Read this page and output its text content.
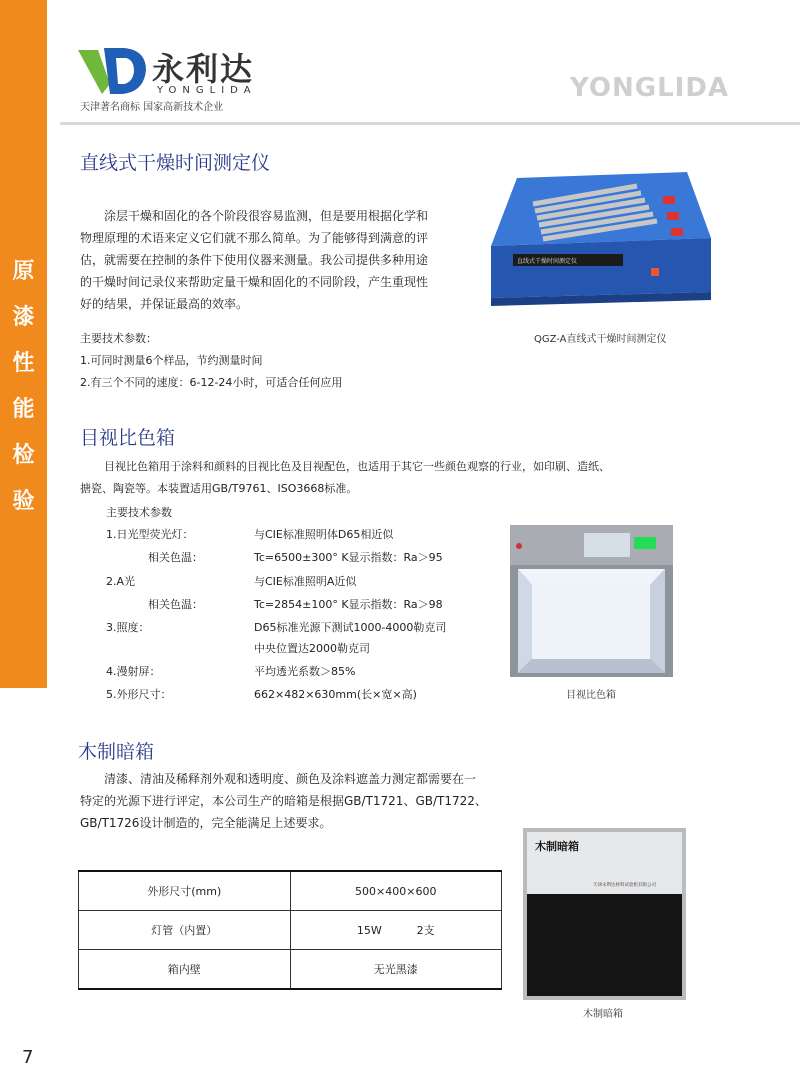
原
漆
性
能
检
验
永利达
YONGLIDA
天津著名商标 国家高新技术企业
YONGLIDA
直线式干燥时间测定仪
涂层干燥和固化的各个阶段很容易监测，但是要用根据化学和
物理原理的术语来定义它们就不那么简单。为了能够得到满意的评
估，就需要在控制的条件下使用仪器来测量。我公司提供多种用途
的干燥时间记录仪来帮助定量干燥和固化的不同阶段，产生重现性
好的结果，并保证最高的效率。
主要技术参数：
1.可同时测量6个样品，节约测量时间
2.有三个不同的速度：6-12-24小时，可适合任何应用
直线式干燥时间测定仪
QGZ-A直线式干燥时间测定仪
目视比色箱
目视比色箱用于涂料和颜料的目视比色及目视配色，也适用于其它一些颜色观察的行业，如印刷、造纸、
搪瓷、陶瓷等。本装置适用GB/T9761、ISO3668标准。
主要技术参数
1.日光型荧光灯：	与CIE标准照明体D65相近似
相关色温：	Tc=6500±300° K显示指数：Ra＞95
2.A光	与CIE标准照明A近似
相关色温：	Tc=2854±100° K显示指数：Ra＞98
3.照度：	D65标准光源下测试1000-4000勒克司
中央位置达2000勒克司
4.漫射屏：	平均透光系数＞85%
5.外形尺寸：	662×482×630mm(长×宽×高)	目视比色箱
木制暗箱
清漆、清油及稀释剂外观和透明度、颜色及涂料遮盖力测定都需要在一
特定的光源下进行评定，本公司生产的暗箱是根据GB/T1721、GB/T1722、
GB/T1726设计制造的，完全能满足上述要求。
外形尺寸(mm)	500×400×600
灯管（内置）	15W          2支
箱内壁	无光黑漆
木制暗箱
天津永利达材料试验机有限公司
木制暗箱
7
